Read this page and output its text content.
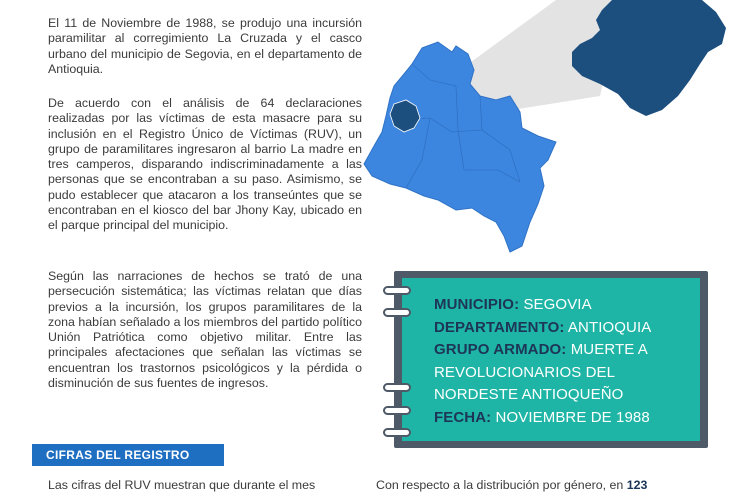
El 11 de Noviembre de 1988, se produjo una incursión paramilitar al corregimiento La Cruzada y el casco urbano del municipio de Segovia, en el departamento de Antioquia.

De acuerdo con el análisis de 64 declaraciones realizadas por las víctimas de esta masacre para su inclusión en el Registro Único de Víctimas (RUV), un grupo de paramilitares ingresaron al barrio La madre en tres camperos, disparando indiscriminadamente a las personas que se encontraban a su paso. Asimismo, se pudo establecer que atacaron a los transeúntes que se encontraban en el kiosco del bar Jhony Kay, ubicado en el parque principal del municipio.

Según las narraciones de hechos se trató de una persecución sistemática; las víctimas relatan que días previos a la incursión, los grupos paramilitares de la zona habían señalado a los miembros del partido político Unión Patriótica como objetivo militar. Entre las principales afectaciones que señalan las víctimas se encuentran los trastornos psicológicos y la pérdida o disminución de sus fuentes de ingresos.

MUNICIPIO: SEGOVIA
DEPARTAMENTO: ANTIOQUIA
GRUPO ARMADO: MUERTE A REVOLUCIONARIOS DEL NORDESTE ANTIOQUEÑO
FECHA: NOVIEMBRE DE 1988

CIFRAS DEL REGISTRO

Las cifras del RUV muestran que durante el mes	Con respecto a la distribución por género, en 123
